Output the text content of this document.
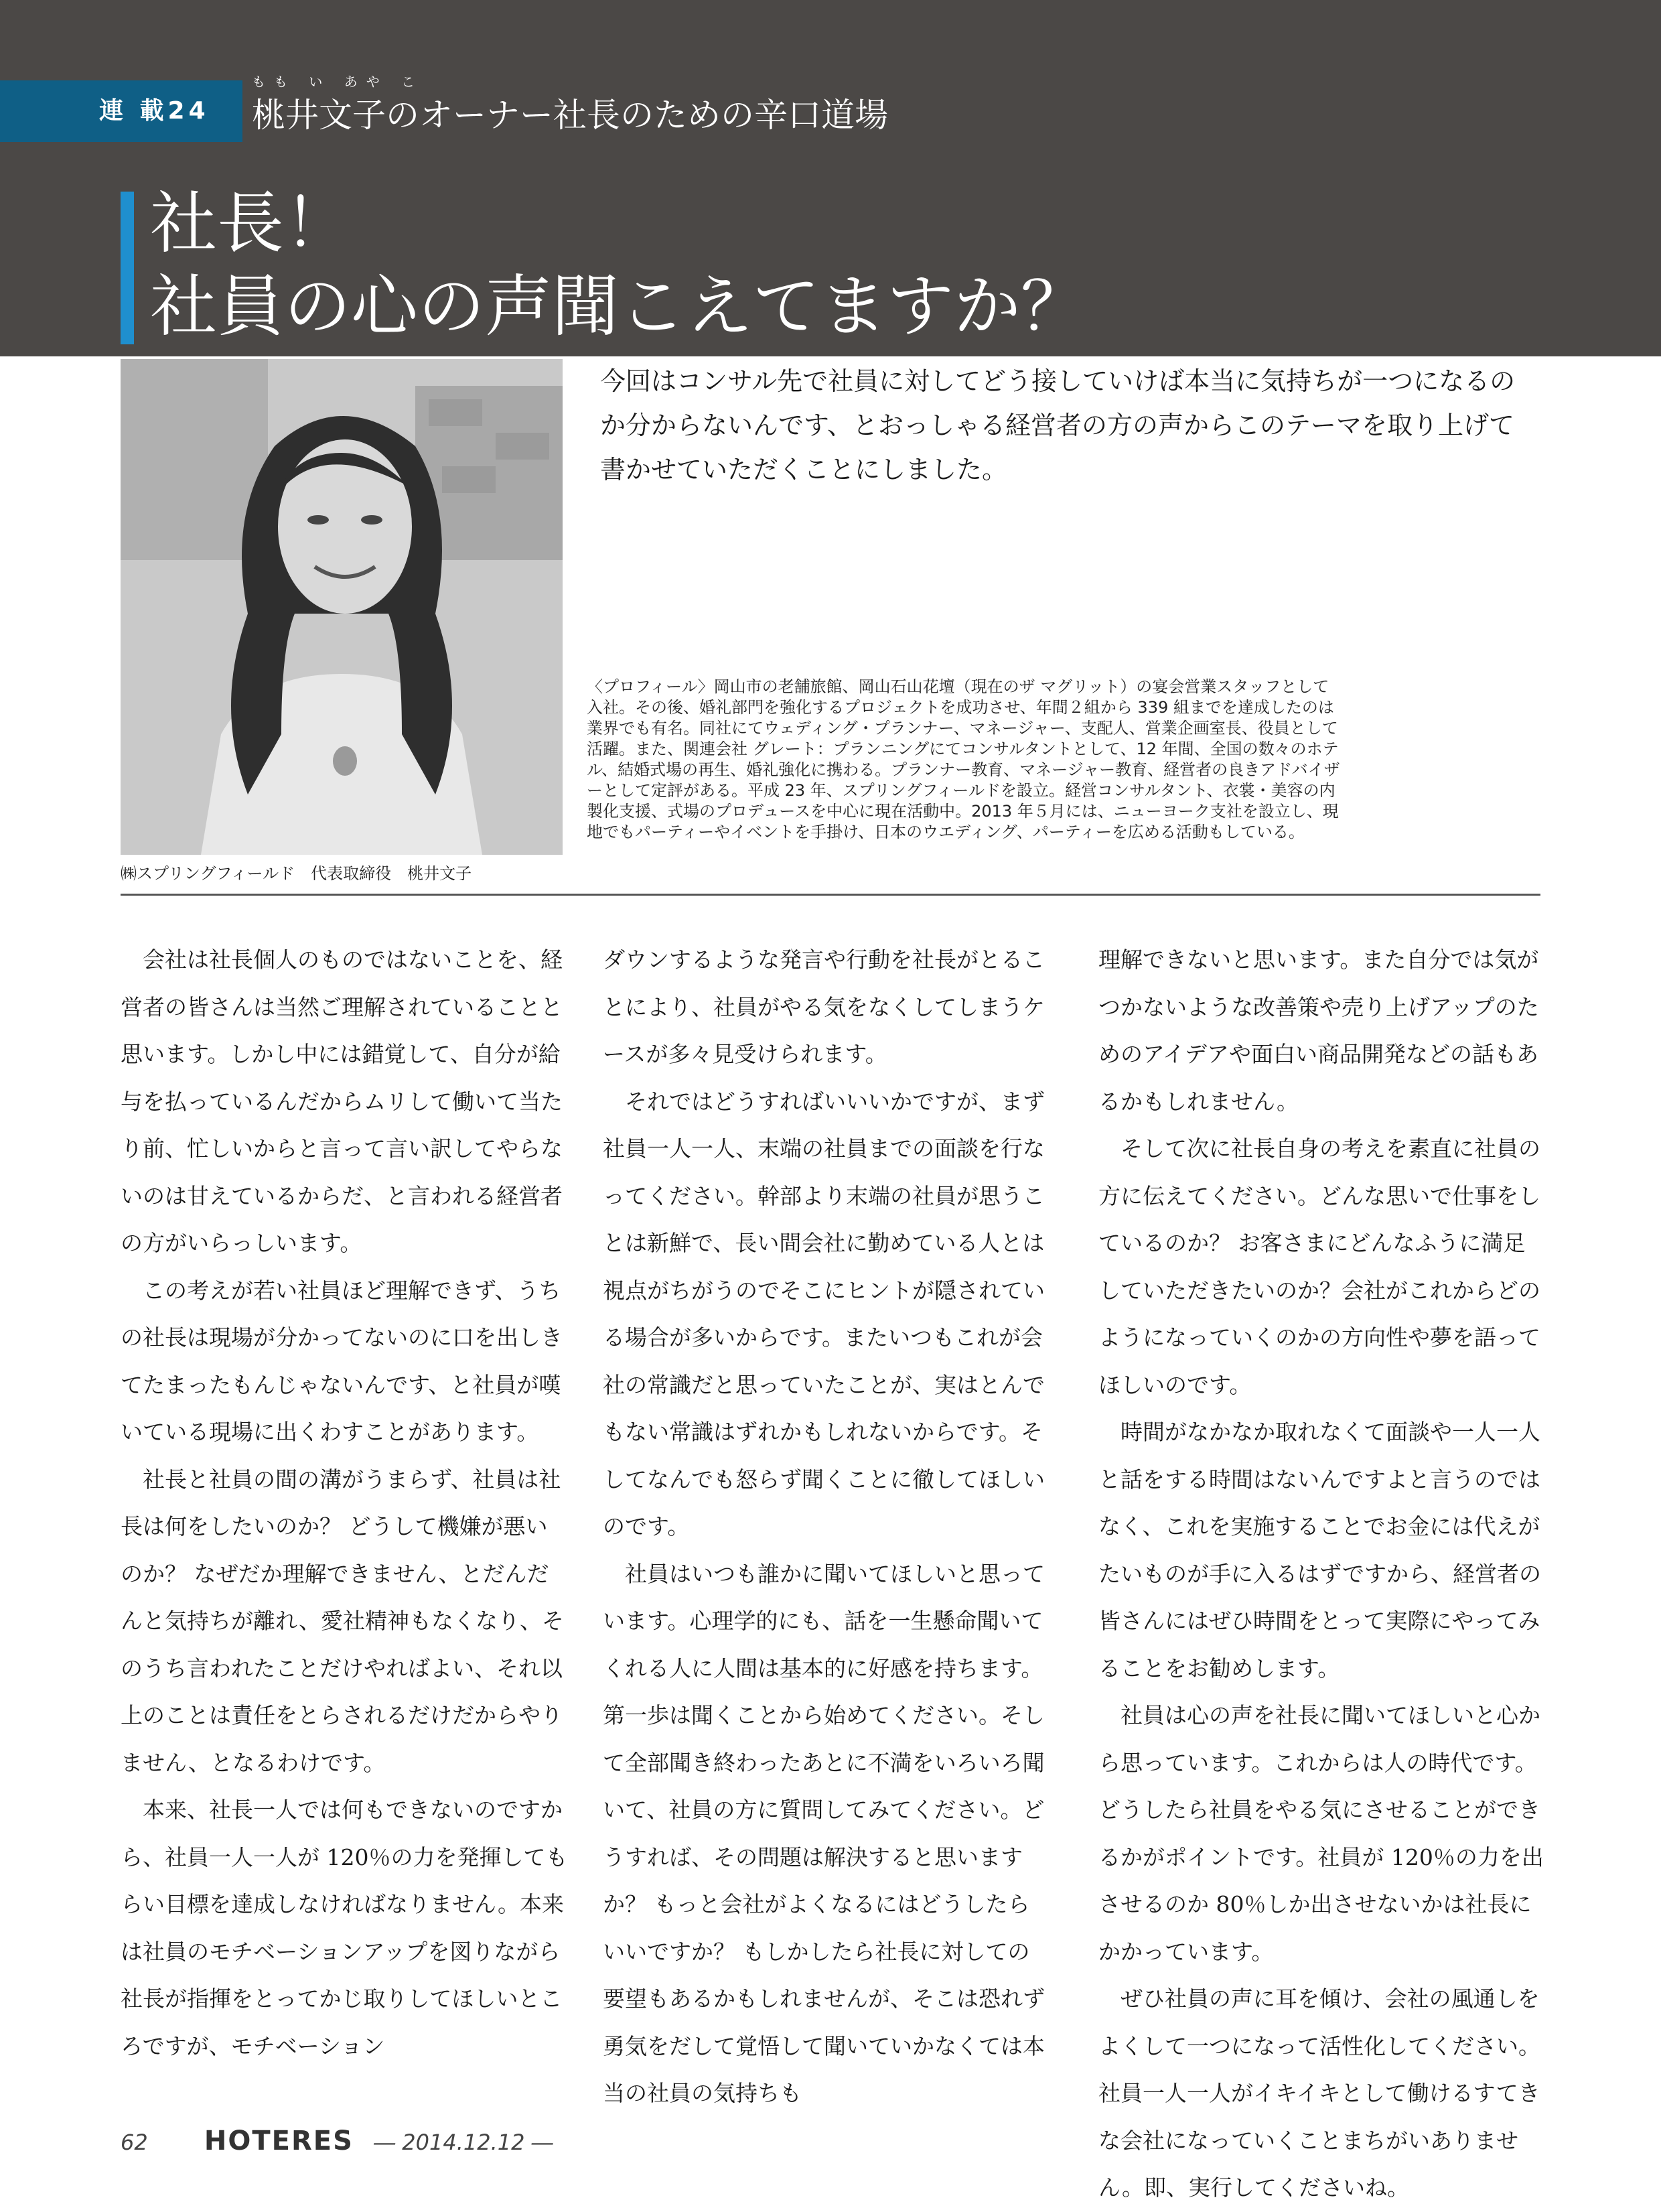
連 載24
もも い あや こ
桃井文子のオーナー社長のための辛口道場
社長！
社員の心の声聞こえてますか？
㈱スプリングフィールド　代表取締役　桃井文子
今回はコンサル先で社員に対してどう接していけば本当に気持ちが一つになるのか分からないんです、とおっしゃる経営者の方の声からこのテーマを取り上げて書かせていただくことにしました。
〈プロフィール〉岡山市の老舗旅館、岡山石山花壇（現在のザ マグリット）の宴会営業スタッフとして入社。その後、婚礼部門を強化するプロジェクトを成功させ、年間２組から 339 組までを達成したのは業界でも有名。同社にてウェディング・プランナー、マネージャー、支配人、営業企画室長、役員として活躍。また、関連会社 グレート：プランニングにてコンサルタントとして、12 年間、全国の数々のホテル、結婚式場の再生、婚礼強化に携わる。プランナー教育、マネージャー教育、経営者の良きアドバイザーとして定評がある。平成 23 年、スプリングフィールドを設立。経営コンサルタント、衣裳・美容の内製化支援、式場のプロデュースを中心に現在活動中。2013 年５月には、ニューヨーク支社を設立し、現地でもパーティーやイベントを手掛け、日本のウエディング、パーティーを広める活動もしている。

会社は社長個人のものではないことを、経営者の皆さんは当然ご理解されていることと思います。しかし中には錯覚して、自分が給与を払っているんだからムリして働いて当たり前、忙しいからと言って言い訳してやらないのは甘えているからだ、と言われる経営者の方がいらっしいます。

この考えが若い社員ほど理解できず、うちの社長は現場が分かってないのに口を出しきてたまったもんじゃないんです、と社員が嘆いている現場に出くわすことがあります。

社長と社員の間の溝がうまらず、社員は社長は何をしたいのか？ どうして機嫌が悪いのか？ なぜだか理解できません、とだんだんと気持ちが離れ、愛社精神もなくなり、そのうち言われたことだけやればよい、それ以上のことは責任をとらされるだけだからやりません、となるわけです。

本来、社長一人では何もできないのですから、社員一人一人が 120％の力を発揮してもらい目標を達成しなければなりません。本来は社員のモチベーションアップを図りながら社長が指揮をとってかじ取りしてほしいところですが、モチベーション

ダウンするような発言や行動を社長がとることにより、社員がやる気をなくしてしまうケースが多々見受けられます。

それではどうすればいいいかですが、まず社員一人一人、末端の社員までの面談を行なってください。幹部より末端の社員が思うことは新鮮で、長い間会社に勤めている人とは視点がちがうのでそこにヒントが隠されている場合が多いからです。またいつもこれが会社の常識だと思っていたことが、実はとんでもない常識はずれかもしれないからです。そしてなんでも怒らず聞くことに徹してほしいのです。

社員はいつも誰かに聞いてほしいと思っています。心理学的にも、話を一生懸命聞いてくれる人に人間は基本的に好感を持ちます。第一歩は聞くことから始めてください。そして全部聞き終わったあとに不満をいろいろ聞いて、社員の方に質問してみてください。どうすれば、その問題は解決すると思いますか？ もっと会社がよくなるにはどうしたらいいですか？ もしかしたら社長に対しての要望もあるかもしれませんが、そこは恐れず勇気をだして覚悟して聞いていかなくては本当の社員の気持ちも

理解できないと思います。また自分では気がつかないような改善策や売り上げアップのためのアイデアや面白い商品開発などの話もあるかもしれません。

そして次に社長自身の考えを素直に社員の方に伝えてください。どんな思いで仕事をしているのか？ お客さまにどんなふうに満足していただきたいのか？会社がこれからどのようになっていくのかの方向性や夢を語ってほしいのです。

時間がなかなか取れなくて面談や一人一人と話をする時間はないんですよと言うのではなく、これを実施することでお金には代えがたいものが手に入るはずですから、経営者の皆さんにはぜひ時間をとって実際にやってみることをお勧めします。

社員は心の声を社長に聞いてほしいと心から思っています。これからは人の時代です。どうしたら社員をやる気にさせることができるかがポイントです。社員が 120％の力を出させるのか 80％しか出させないかは社長にかかっています。

ぜひ社員の声に耳を傾け、会社の風通しをよくして一つになって活性化してください。社員一人一人がイキイキとして働けるすてきな会社になっていくことまちがいありません。即、実行してくださいね。

62 HOTERES ― 2014.12.12 ―
